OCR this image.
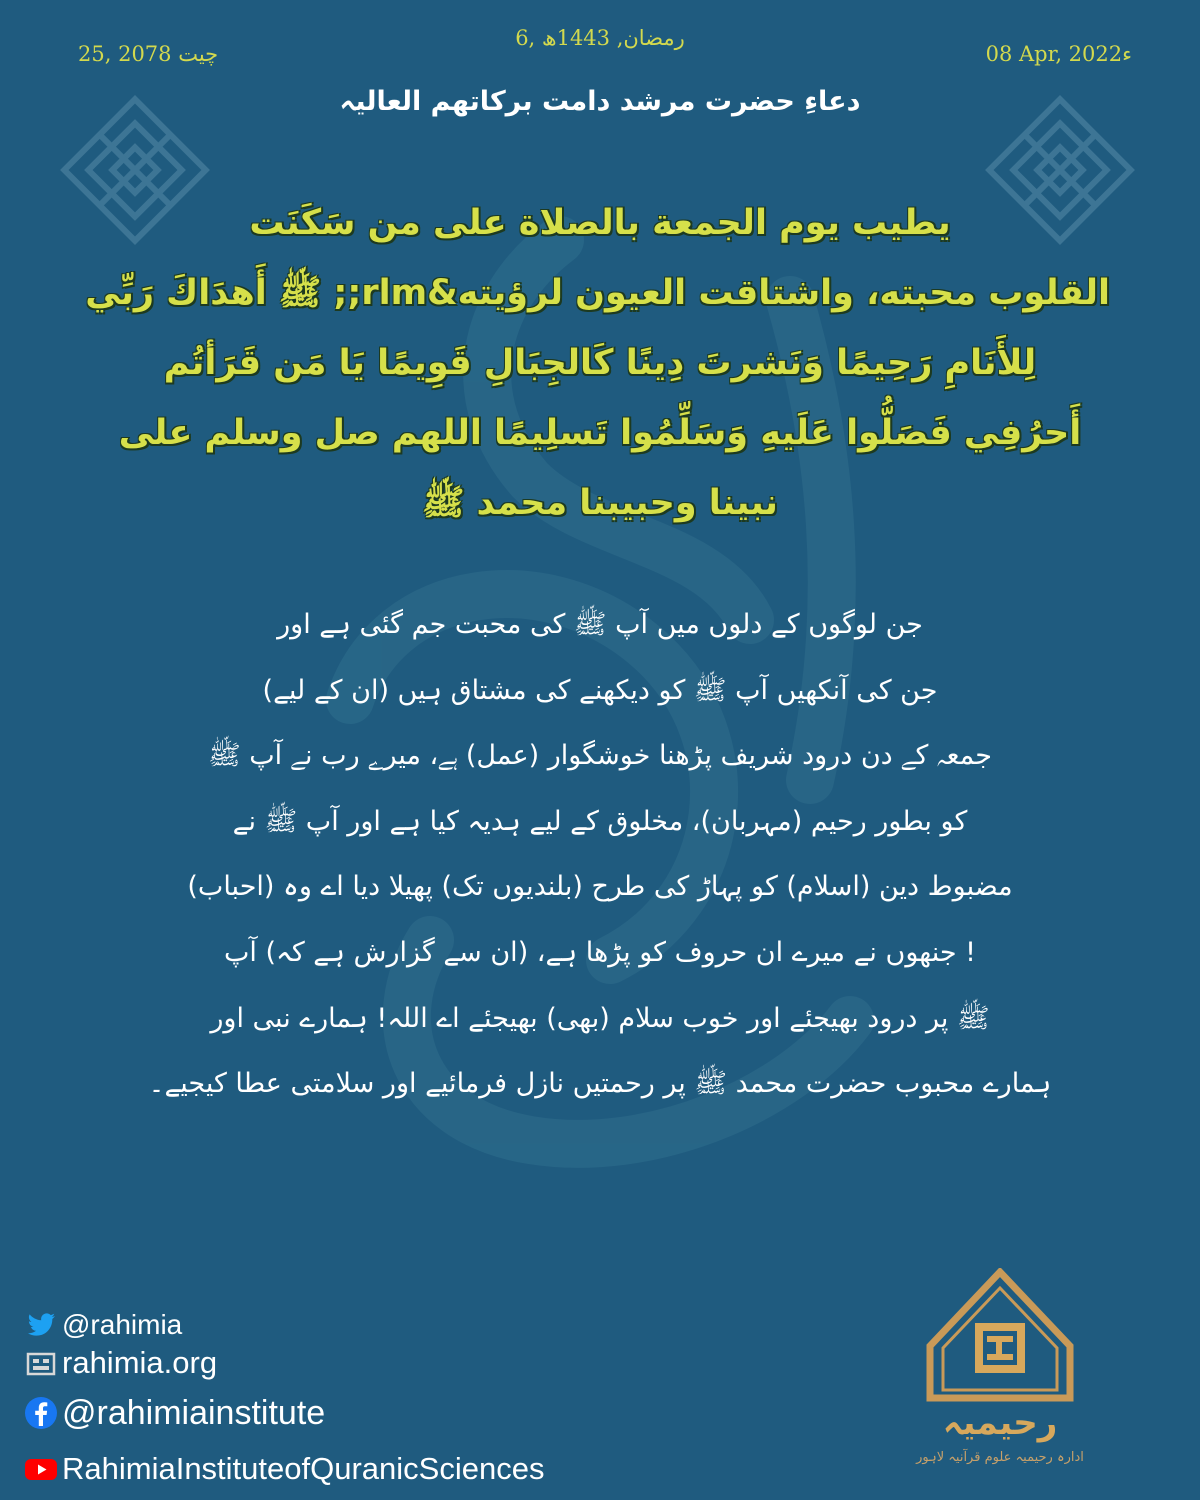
25, چیت 2078
6, رمضان, 1443ھ
08 Apr, 2022ء
دعاءِ حضرت مرشد دامت برکاتھم العالیہ
يطيب يوم الجمعة بالصلاة على من سَكَنَت
القلوب محبته، واشتاقت العيون لرؤيته&rlm;; ﷺ أَهدَاكَ رَبِّي
لِلأَنَامِ رَحِيمًا وَنَشرتَ دِينًا كَالجِبَالِ قَوِيمًا يَا مَن قَرَأتُم
أَحرُفِي فَصَلُّوا عَلَيهِ وَسَلِّمُوا تَسلِيمًا اللهم صل وسلم على
نبينا وحبيبنا محمد ﷺ
جن لوگوں کے دلوں میں آپ ﷺ کی محبت جم گئی ہے اور
جن کی آنکھیں آپ ﷺ کو دیکھنے کی مشتاق ہیں (ان کے لیے)
جمعہ کے دن درود شریف پڑھنا خوشگوار (عمل) ہے، میرے رب نے آپ ﷺ
کو بطور رحیم (مہربان)، مخلوق کے لیے ہدیہ کیا ہے اور آپ ﷺ نے
مضبوط دین (اسلام) کو پہاڑ کی طرح (بلندیوں تک) پھیلا دیا اے وہ (احباب)
! جنھوں نے میرے ان حروف کو پڑھا ہے، (ان سے گزارش ہے کہ) آپ
ﷺ پر درود بھیجئے اور خوب سلام (بھی) بھیجئے اے اللہ! ہمارے نبی اور
ہمارے محبوب حضرت محمد ﷺ پر رحمتیں نازل فرمائیے اور سلامتی عطا کیجیے۔
@rahimia
rahimia.org
@rahimiainstitute
RahimiaInstituteofQuranicSciences
رحیمیہ
ادارہ رحیمیہ علوم قرآنیہ لاہور
